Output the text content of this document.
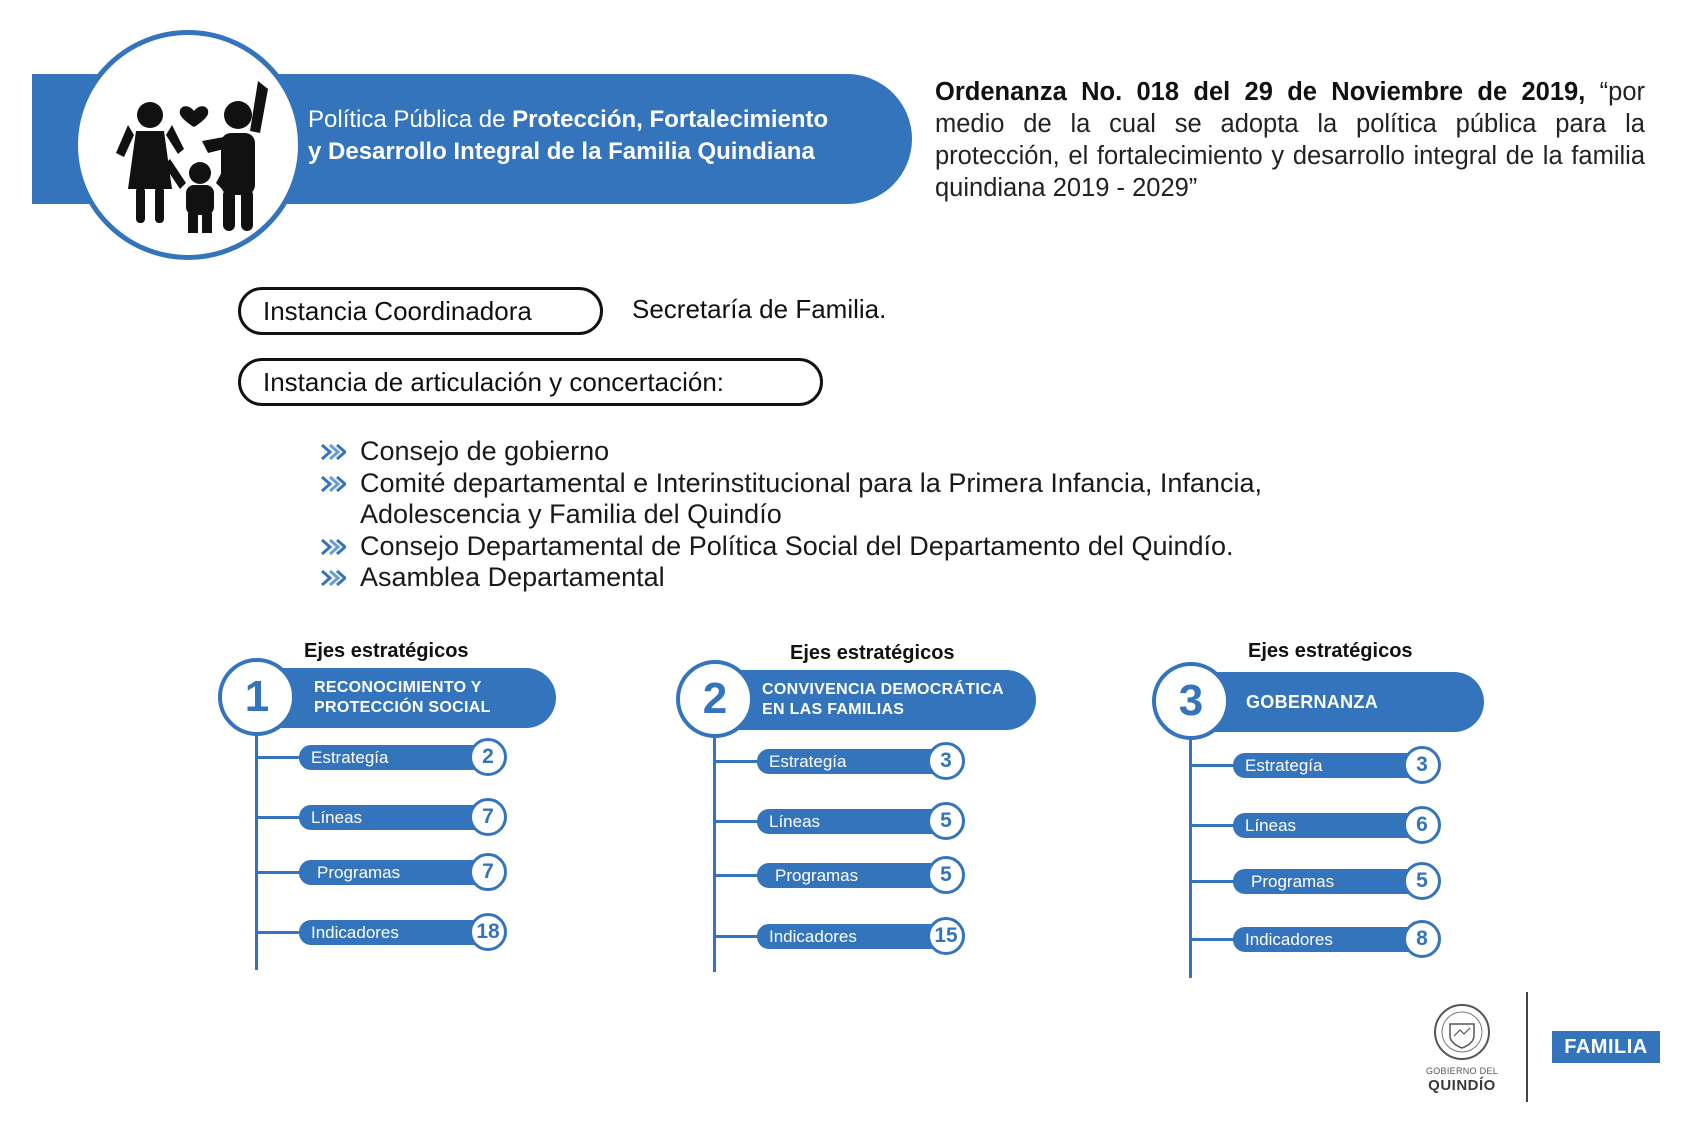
Política Pública de Protección, Fortalecimiento
y Desarrollo Integral de la Familia Quindiana
Ordenanza No. 018 del 29 de Noviembre de 2019, “por medio de la cual se adopta la política pública para la protección, el fortalecimiento y desarrollo integral de la familia quindiana 2019 - 2029”
Instancia Coordinadora	Secretaría de Familia.
Instancia de articulación y concertación:
Consejo de gobierno
Comité departamental e Interinstitucional para la Primera Infancia, Infancia, Adolescencia y Familia del Quindío
Consejo Departamental de Política Social del Departamento del Quindío.
Asamblea Departamental
Ejes estratégicos
RECONOCIMIENTO Y
PROTECCIÓN SOCIAL
1
Estrategía	2
Líneas	7
Programas	7
Indicadores	18
Ejes estratégicos
CONVIVENCIA DEMOCRÁTICA
EN LAS FAMILIAS
2
Estrategía	3
Líneas	5
Programas	5
Indicadores	15
Ejes estratégicos
GOBERNANZA
3
Estrategía	3
Líneas	6
Programas	5
Indicadores	8
GOBIERNO DEL
QUINDÍO
FAMILIA
